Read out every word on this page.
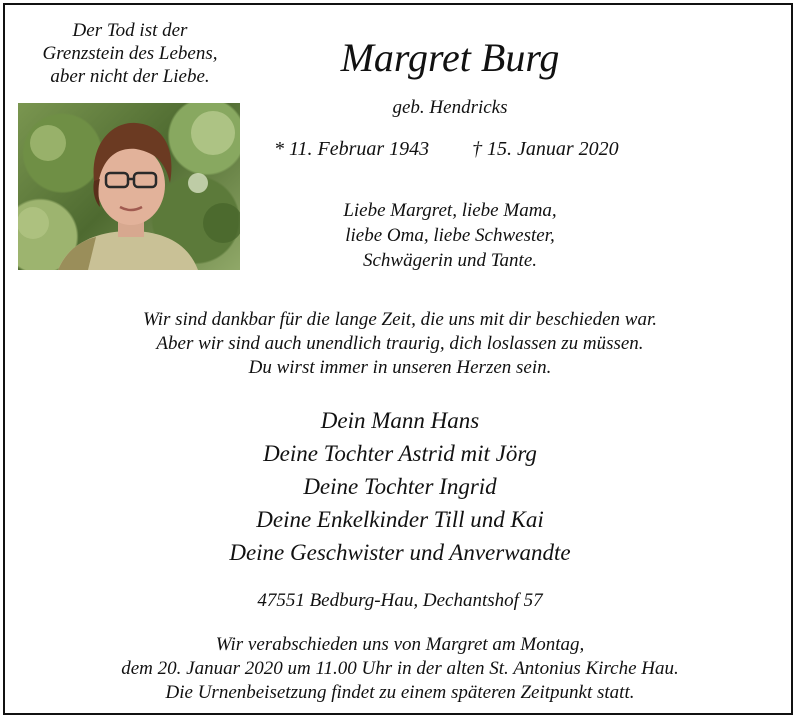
Der Tod ist der
Grenzstein des Lebens,
aber nicht der Liebe.	Margret Burg
geb. Hendricks
* 11. Februar 1943 † 15. Januar 2020
Liebe Margret, liebe Mama,
liebe Oma, liebe Schwester,
Schwägerin und Tante.
Wir sind dankbar für die lange Zeit, die uns mit dir beschieden war.
Aber wir sind auch unendlich traurig, dich loslassen zu müssen.
Du wirst immer in unseren Herzen sein.
Dein Mann Hans
Deine Tochter Astrid mit Jörg
Deine Tochter Ingrid
Deine Enkelkinder Till und Kai
Deine Geschwister und Anverwandte
47551 Bedburg-Hau, Dechantshof 57
Wir verabschieden uns von Margret am Montag,
dem 20. Januar 2020 um 11.00 Uhr in der alten St. Antonius Kirche Hau.
Die Urnenbeisetzung findet zu einem späteren Zeitpunkt statt.
